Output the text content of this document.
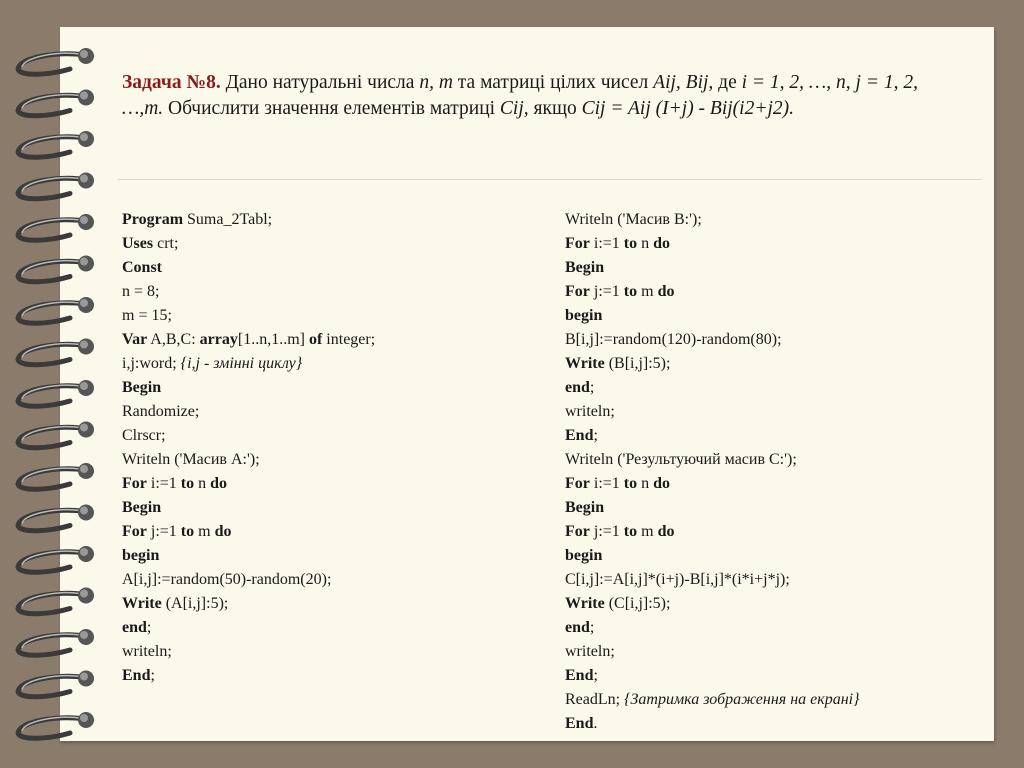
Задача №8. Дано натуральні числа n, m та матриці цілих чисел Aij, Bij, де i = 1, 2, …, n, j = 1, 2, …,m. Обчислити значення елементів матриці Cij, якщо Cij = Aij (I+j) - Bij(i2+j2).
Program Suma_2Tabl;
Uses crt;
Const
n = 8;
m = 15;
Var A,B,C: array[1..n,1..m] of integer;
i,j:word; {i,j - змінні циклу}
Begin
Randomize;
Clrscr;
Writeln ('Масив А:');
For i:=1 to n do
Begin
For j:=1 to m do
begin
A[i,j]:=random(50)-random(20);
Write (A[i,j]:5);
end;
writeln;
End;
Writeln ('Масив В:');
For i:=1 to n do
Begin
For j:=1 to m do
begin
B[i,j]:=random(120)-random(80);
Write (B[i,j]:5);
end;
writeln;
End;
Writeln ('Результуючий масив С:');
For i:=1 to n do
Begin
For j:=1 to m do
begin
C[i,j]:=A[i,j]*(i+j)-B[i,j]*(i*i+j*j);
Write (C[i,j]:5);
end;
writeln;
End;
ReadLn; {Затримка зображення на екрані}
End.
